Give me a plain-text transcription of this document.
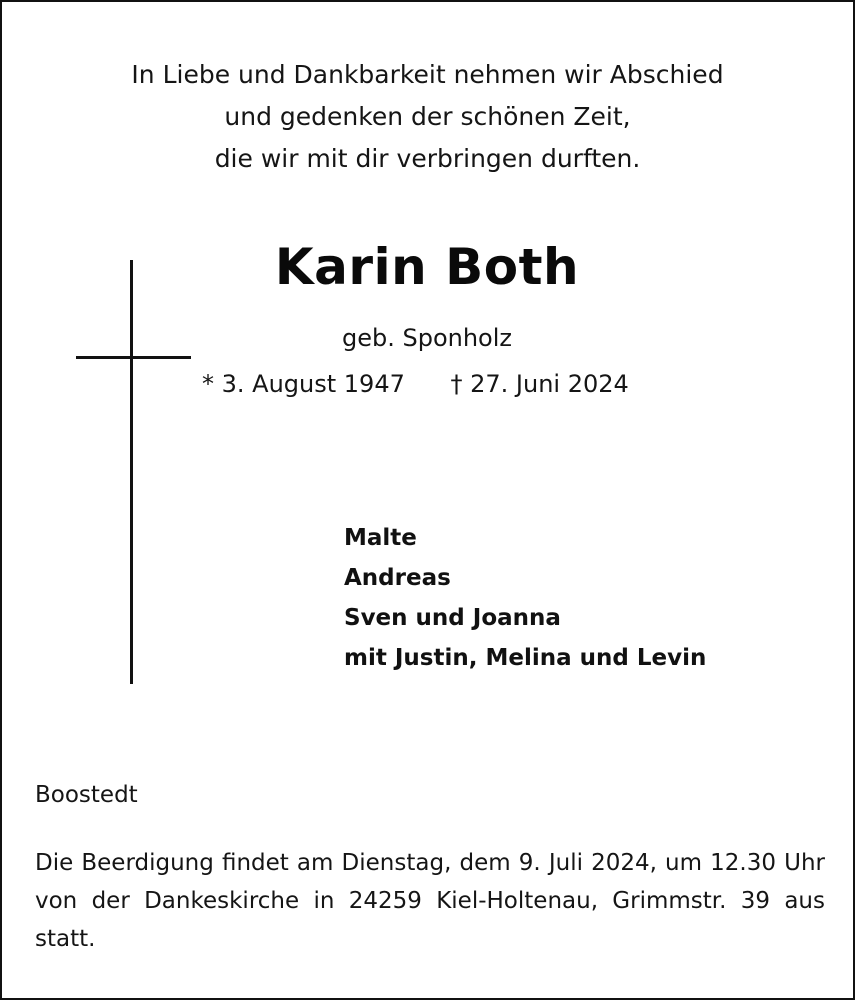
In Liebe und Dankbarkeit nehmen wir Abschied
und gedenken der schönen Zeit,
die wir mit dir verbringen durften.
Karin Both
geb. Sponholz
* 3. August 1947 † 27. Juni 2024
Malte
Andreas
Sven und Joanna
mit Justin, Melina und Levin
Boostedt
Die Beerdigung findet am Dienstag, dem 9. Juli 2024, um 12.30 Uhr von der Dankeskirche in 24259 Kiel-Holtenau, Grimmstr. 39 aus statt.
